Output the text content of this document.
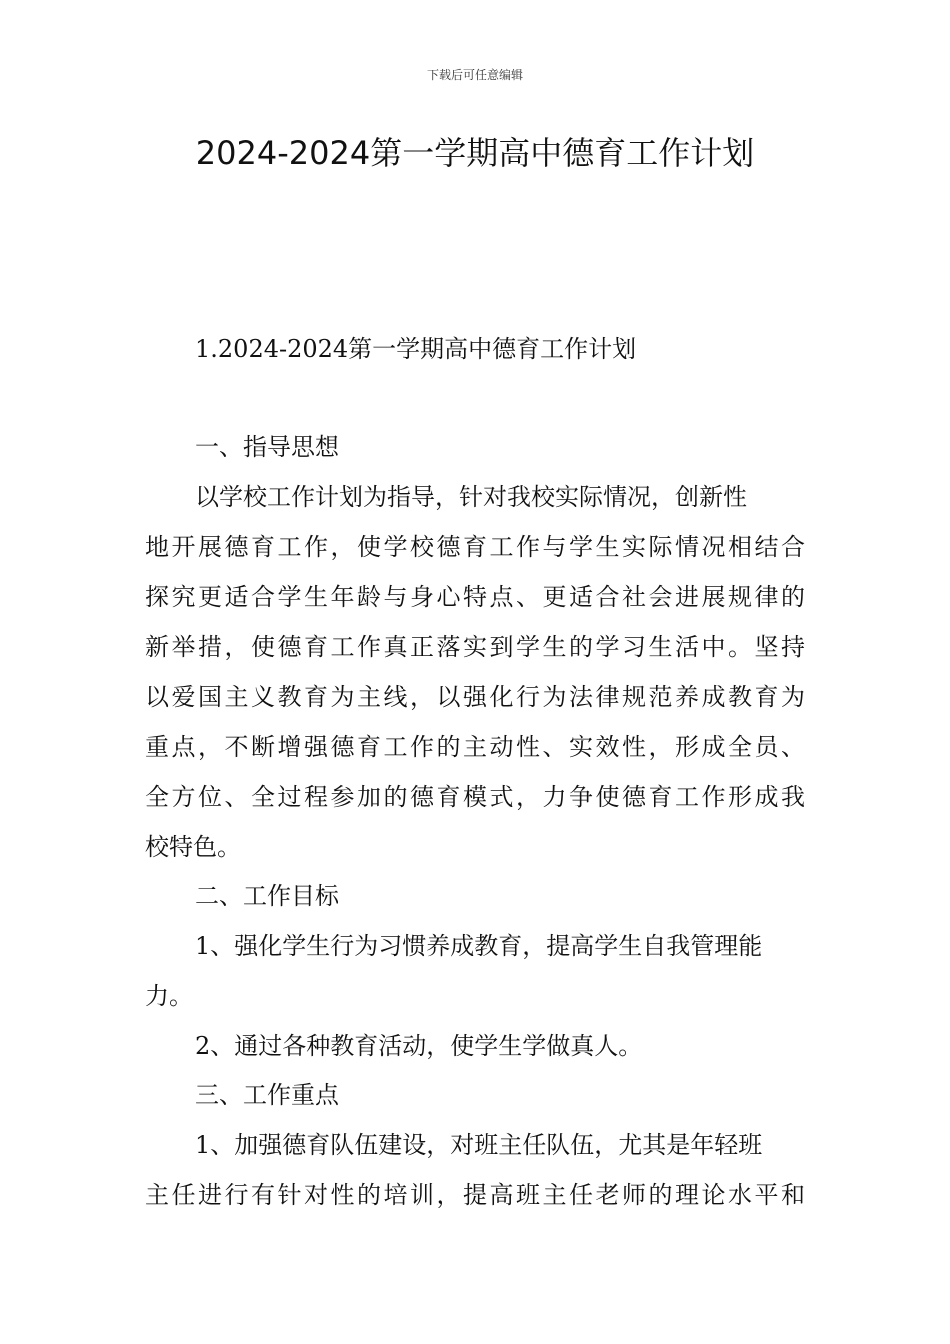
下载后可任意编辑
2024-2024第一学期高中德育工作计划
1.2024-2024第一学期高中德育工作计划
一、指导思想
以学校工作计划为指导，针对我校实际情况，创新性
地开展德育工作，使学校德育工作与学生实际情况相结合
探究更适合学生年龄与身心特点、更适合社会进展规律的
新举措，使德育工作真正落实到学生的学习生活中。坚持
以爱国主义教育为主线，以强化行为法律规范养成教育为
重点，不断增强德育工作的主动性、实效性，形成全员、
全方位、全过程参加的德育模式，力争使德育工作形成我
校特色。
二、工作目标
1、强化学生行为习惯养成教育，提高学生自我管理能
力。
2、通过各种教育活动，使学生学做真人。
三、工作重点
1、加强德育队伍建设，对班主任队伍，尤其是年轻班
主任进行有针对性的培训，提高班主任老师的理论水平和
